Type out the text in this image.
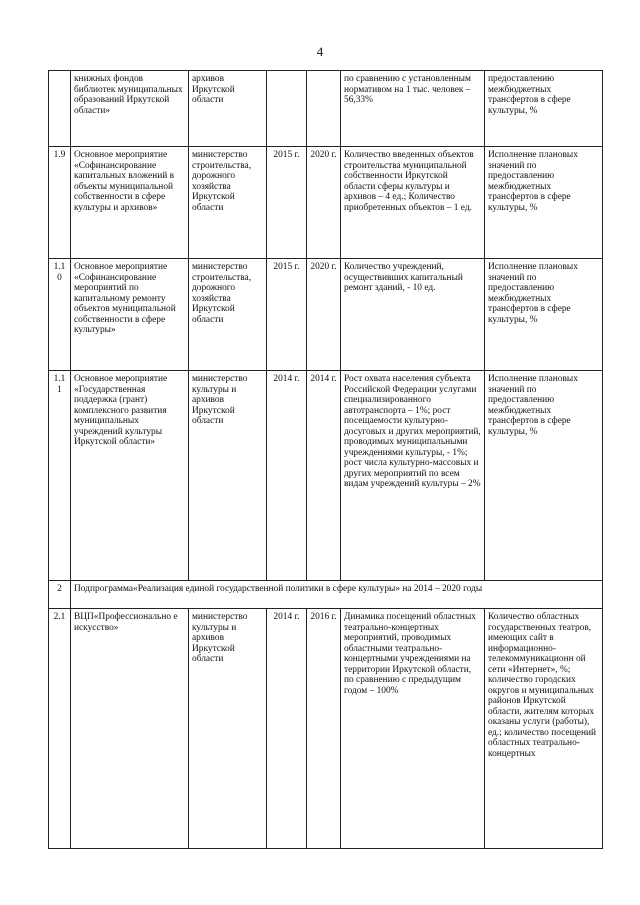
4
	книжных фондов библиотек муниципальных образований Иркутской области»	архивов Иркутской области			по сравнению с установленным нормативом на 1 тыс. человек – 56,33%	предоставлению межбюджетных трансфертов в сфере культуры, %
1.9	Основное мероприятие «Софинансирование капитальных вложений в объекты муниципальной собственности в сфере культуры и архивов»	министерство строительства, дорожного хозяйства Иркутской области	2015 г.	2020 г.	Количество введенных объектов строительства муниципальной собственности Иркутской области сферы культуры и архивов – 4 ед.; Количество приобретенных объектов – 1 ед.	Исполнение плановых значений по предоставлению межбюджетных трансфертов в сфере культуры, %
1.10	Основное мероприятие «Софинансирование мероприятий по капитальному ремонту объектов муниципальной собственности в сфере культуры»	министерство строительства, дорожного хозяйства Иркутской области	2015 г.	2020 г.	Количество учреждений, осуществивших капитальный ремонт зданий, - 10 ед.	Исполнение плановых значений по предоставлению межбюджетных трансфертов в сфере культуры, %
1.11	Основное мероприятие «Государственная поддержка (грант) комплексного развития муниципальных учреждений культуры Иркутской области»	министерство культуры и архивов Иркутской области	2014 г.	2014 г.	Рост охвата населения субъекта Российской Федерации услугами специализированного автотранспорта – 1%; рост посещаемости культурно-досуговых и других мероприятий, проводимых муниципальными учреждениями культуры, - 1%; рост числа культурно-массовых и других мероприятий по всем видам учреждений культуры – 2%	Исполнение плановых значений по предоставлению межбюджетных трансфертов в сфере культуры, %
2	Подпрограмма«Реализация единой государственной политики в сфере культуры» на 2014 – 2020 годы					
2.1	ВЦП«Профессионально е искусство»	министерство культуры и архивов Иркутской области	2014 г.	2016 г.	Динамика посещений областных театрально-концертных мероприятий, проводимых областными театрально-концертными учреждениями на территории Иркутской области, по сравнению с предыдущим годом – 100%	Количество областных государственных театров, имеющих сайт в информационно-телекоммуникационн ой сети «Интернет», %; количество городских округов и муниципальных районов Иркутской области, жителям которых оказаны услуги (работы), ед.; количество посещений областных театрально-концертных
